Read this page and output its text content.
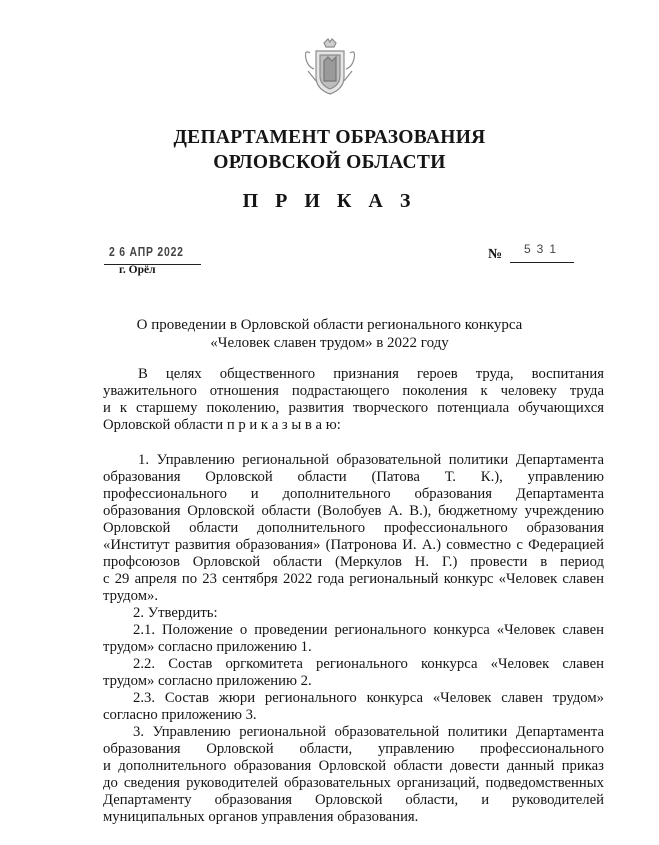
ДЕПАРТАМЕНТ ОБРАЗОВАНИЯ
ОРЛОВСКОЙ ОБЛАСТИ
П Р И К А З
2 6 АПР 2022
г. Орёл
№ 531
О проведении в Орловской области регионального конкурса
«Человек славен трудом» в 2022 году
В целях общественного признания героев труда, воспитания
уважительного отношения подрастающего поколения к человеку труда
и к старшему поколению, развития творческого потенциала обучающихся
Орловской области п р и к а з ы в а ю:
1. Управлению региональной образовательной политики Департамента
образования Орловской области (Патова Т. К.), управлению
профессионального и дополнительного образования Департамента
образования Орловской области (Волобуев А. В.), бюджетному учреждению
Орловской области дополнительного профессионального образования
«Институт развития образования» (Патронова И. А.) совместно с Федерацией
профсоюзов Орловской области (Меркулов Н. Г.) провести в период
с 29 апреля по 23 сентября 2022 года региональный конкурс «Человек славен
трудом».
2. Утвердить:
2.1. Положение о проведении регионального конкурса «Человек славен
трудом» согласно приложению 1.
2.2. Состав оргкомитета регионального конкурса «Человек славен
трудом» согласно приложению 2.
2.3. Состав жюри регионального конкурса «Человек славен трудом»
согласно приложению 3.
3. Управлению региональной образовательной политики Департамента
образования Орловской области, управлению профессионального
и дополнительного образования Орловской области довести данный приказ
до сведения руководителей образовательных организаций, подведомственных
Департаменту образования Орловской области, и руководителей
муниципальных органов управления образования.
